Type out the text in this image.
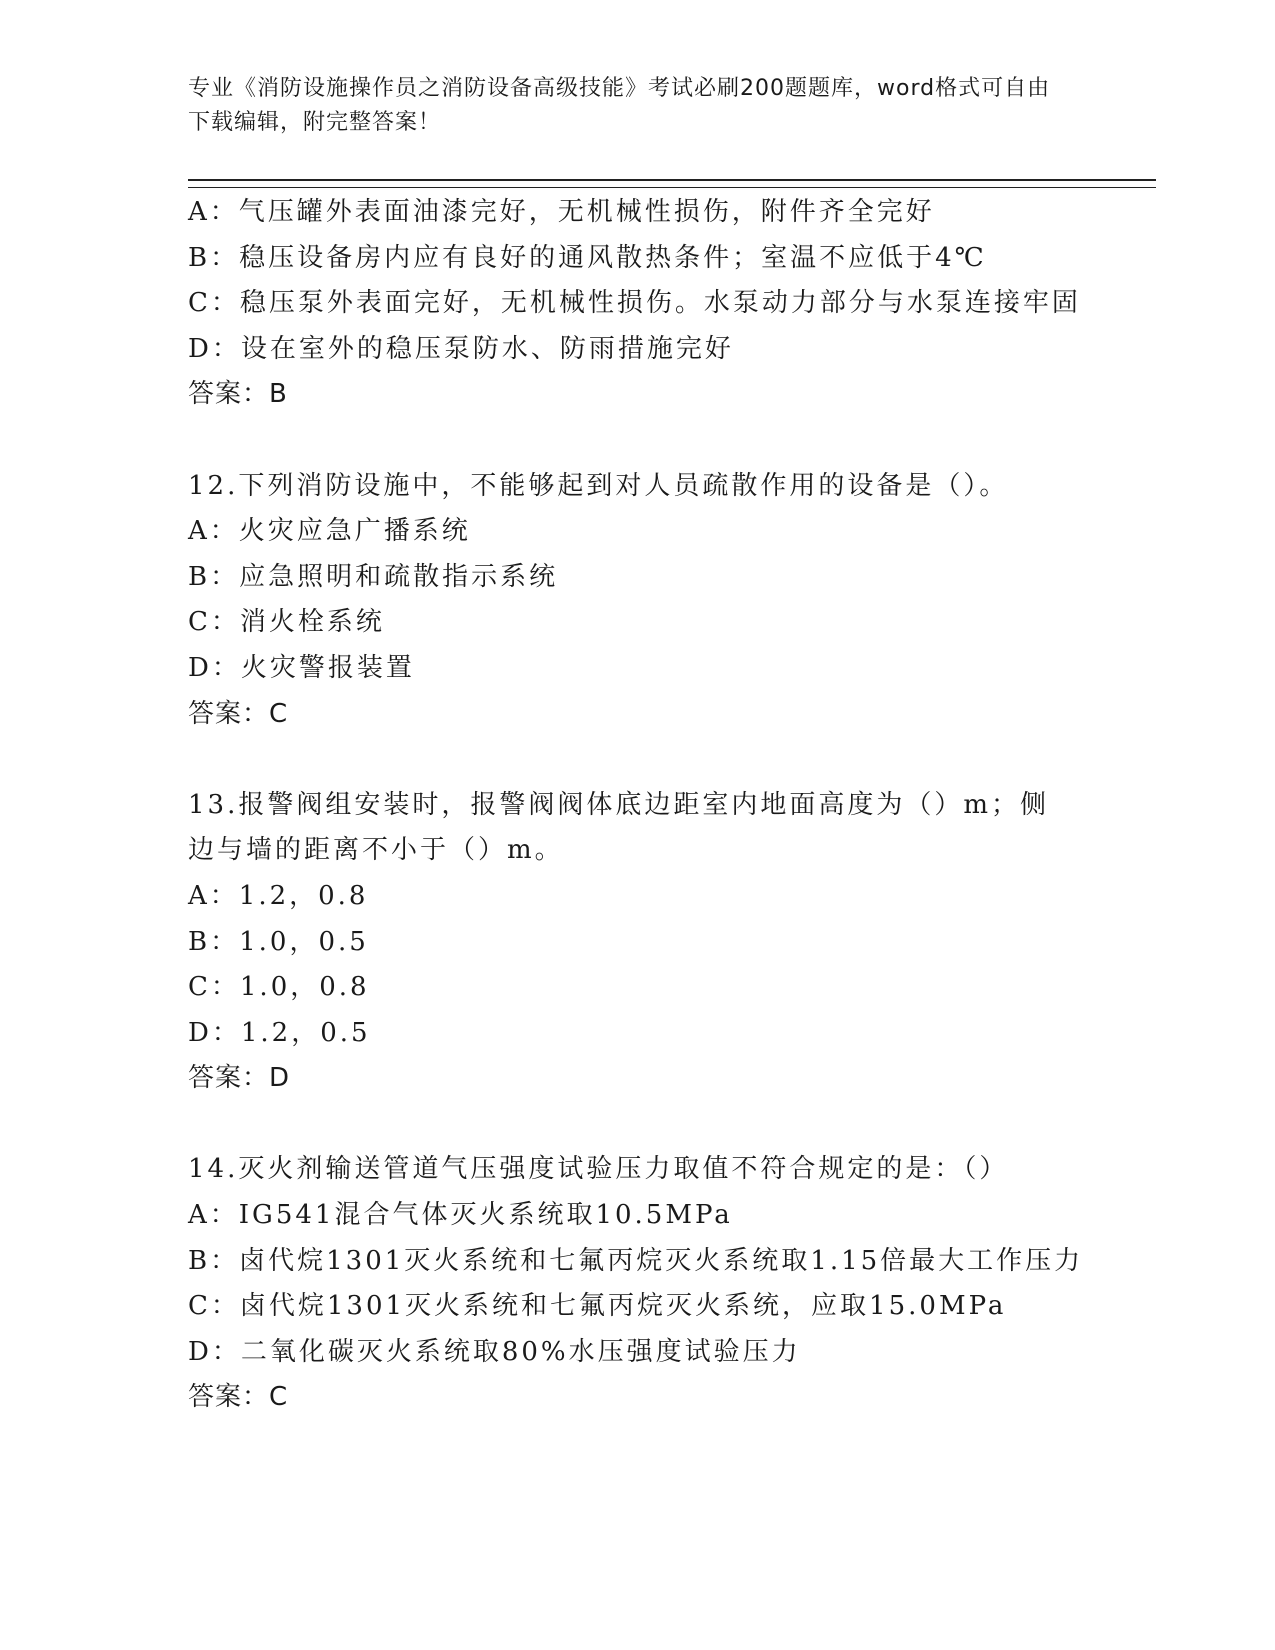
专业《消防设施操作员之消防设备高级技能》考试必刷200题题库，word格式可自由下载编辑，附完整答案！
A：气压罐外表面油漆完好，无机械性损伤，附件齐全完好
B：稳压设备房内应有良好的通风散热条件；室温不应低于4℃
C：稳压泵外表面完好，无机械性损伤。水泵动力部分与水泵连接牢固
D：设在室外的稳压泵防水、防雨措施完好
答案：B
12.下列消防设施中，不能够起到对人员疏散作用的设备是（）。
A：火灾应急广播系统
B：应急照明和疏散指示系统
C：消火栓系统
D：火灾警报装置
答案：C
13.报警阀组安装时，报警阀阀体底边距室内地面高度为（）m；侧边与墙的距离不小于（）m。
A：1.2，0.8
B：1.0，0.5
C：1.0，0.8
D：1.2，0.5
答案：D
14.灭火剂输送管道气压强度试验压力取值不符合规定的是：（）
A：IG541混合气体灭火系统取10.5MPa
B：卤代烷1301灭火系统和七氟丙烷灭火系统取1.15倍最大工作压力
C：卤代烷1301灭火系统和七氟丙烷灭火系统，应取15.0MPa
D：二氧化碳灭火系统取80%水压强度试验压力
答案：C
